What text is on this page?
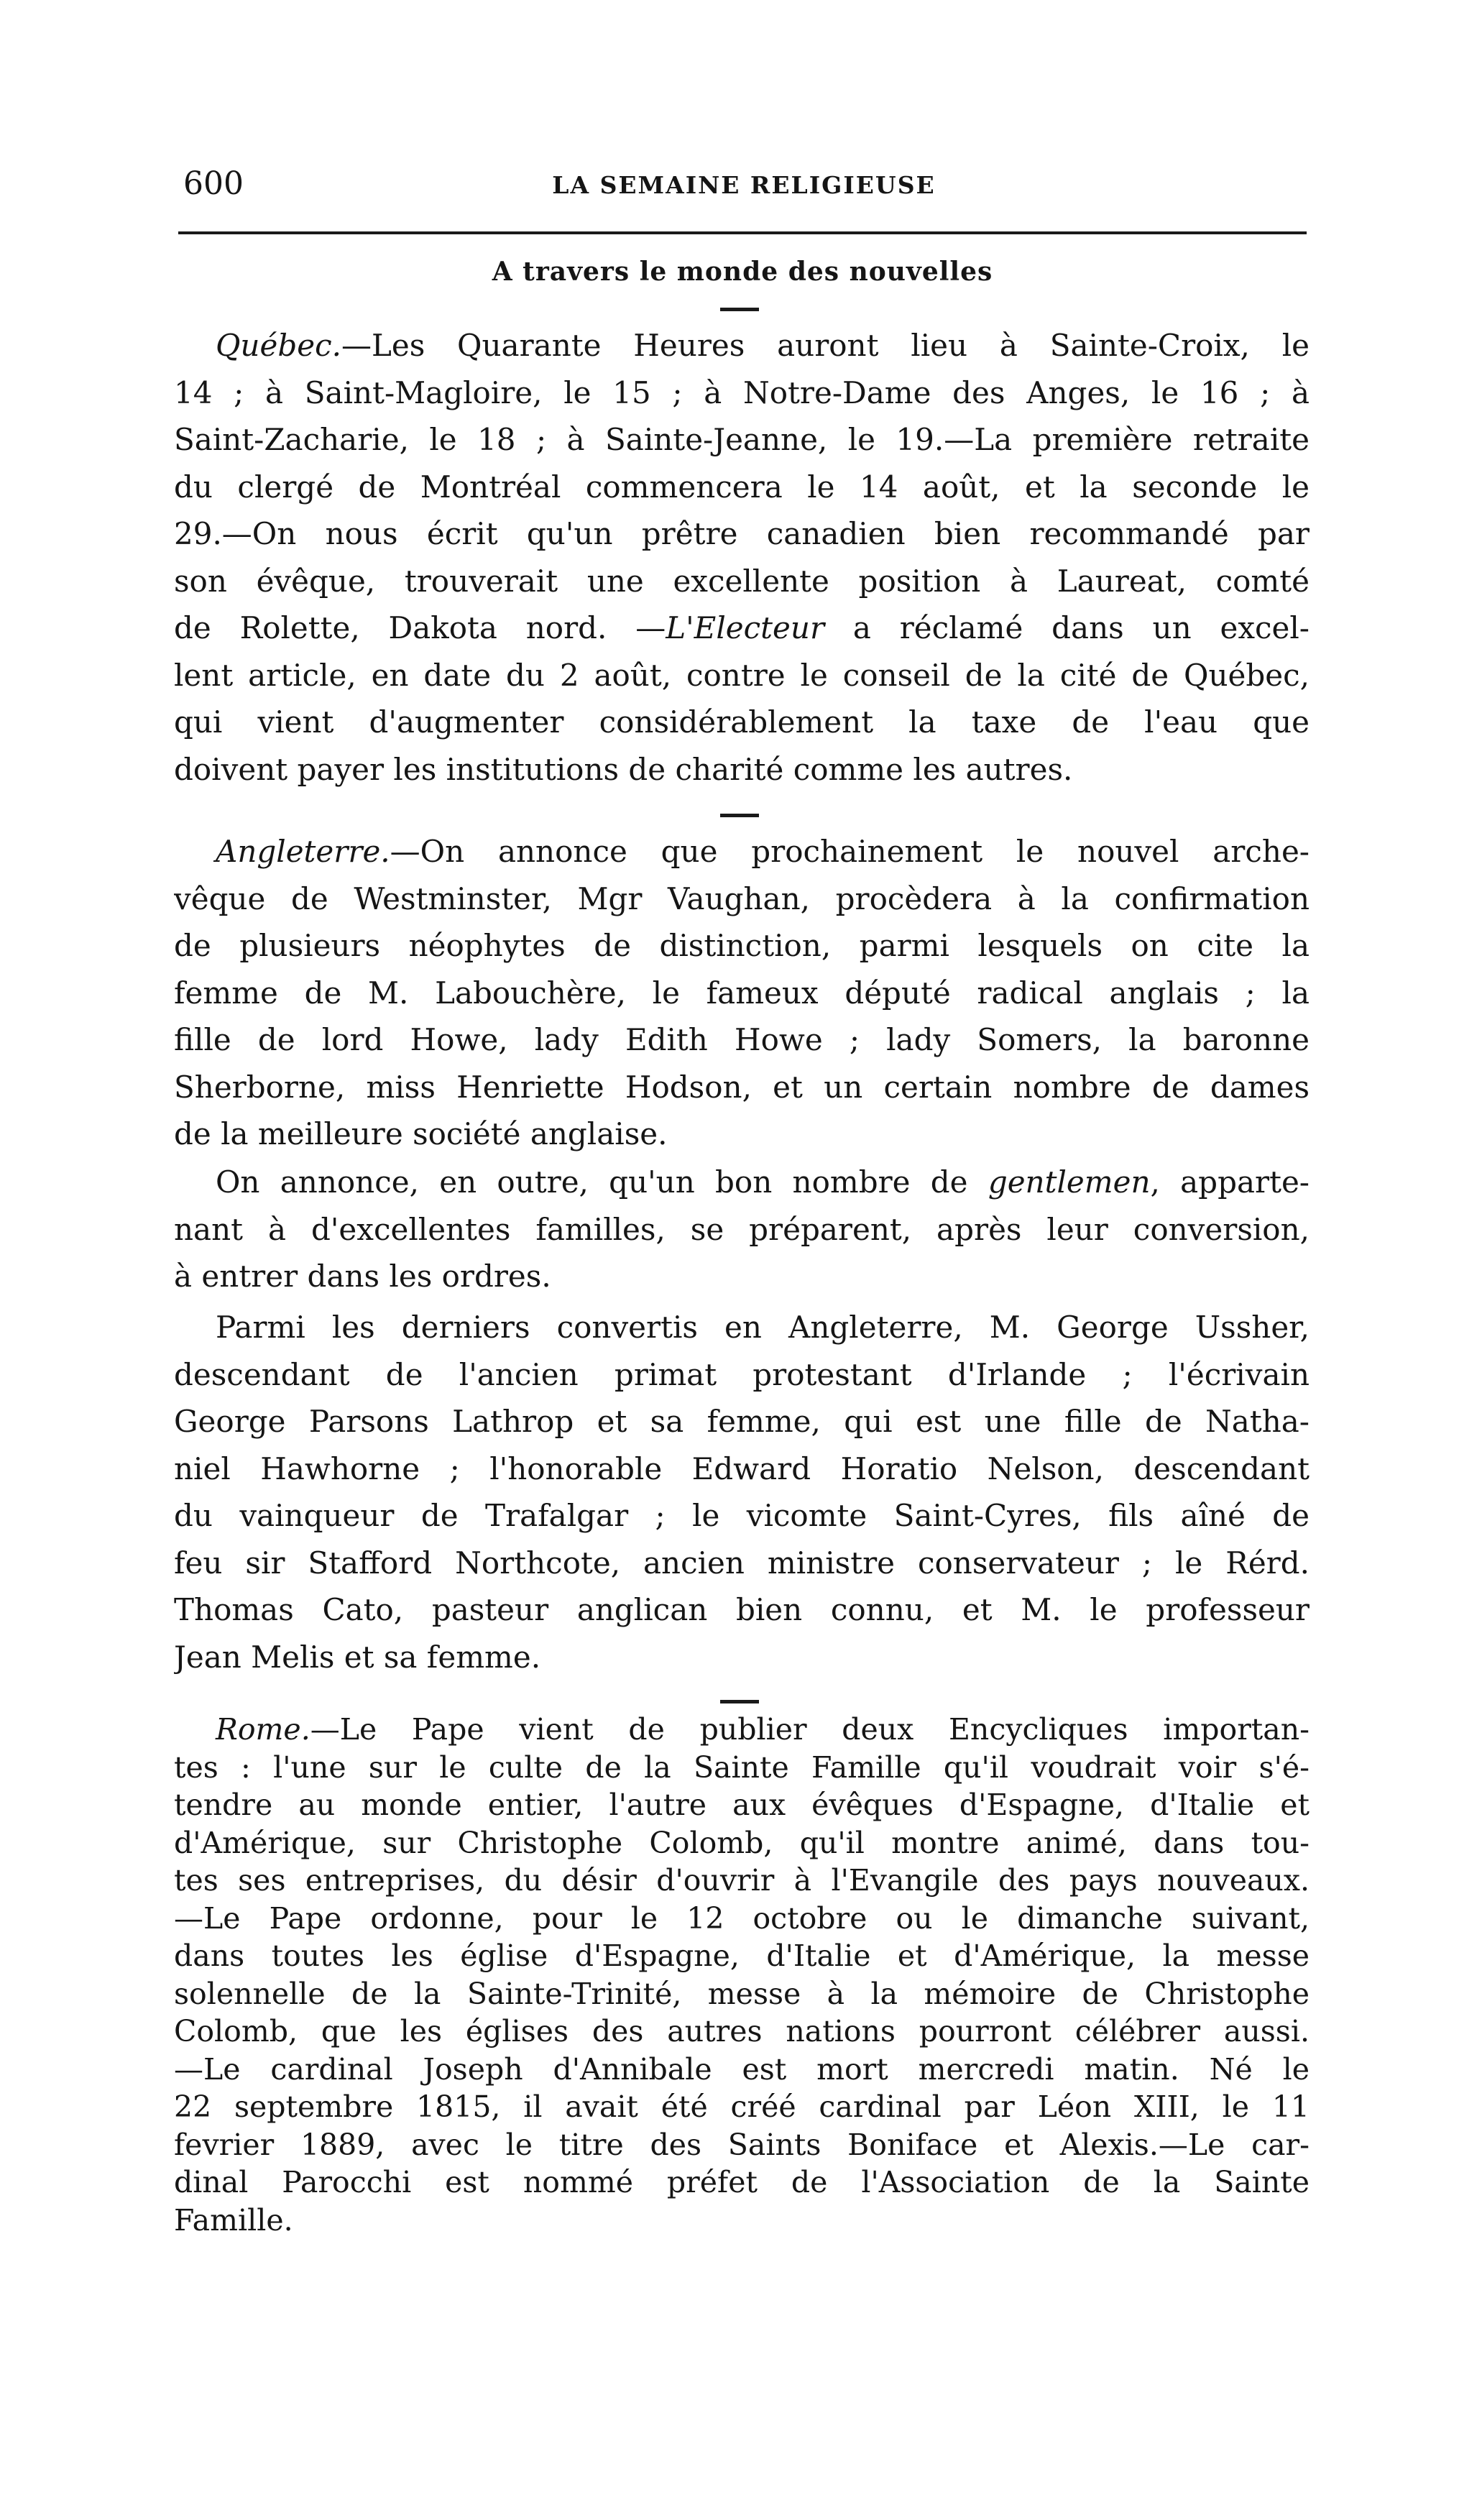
600	LA SEMAINE RELIGIEUSE
A travers le monde des nouvelles
Québec.—Les Quarante Heures auront lieu à Sainte-Croix, le
14 ; à Saint-Magloire, le 15 ; à Notre-Dame des Anges, le 16 ; à
Saint-Zacharie, le 18 ; à Sainte-Jeanne, le 19.—La première retraite
du clergé de Montréal commencera le 14 août, et la seconde le
29.—On nous écrit qu'un prêtre canadien bien recommandé par
son évêque, trouverait une excellente position à Laureat, comté
de Rolette, Dakota nord. —L'Electeur a réclamé dans un excel-
lent article, en date du 2 août, contre le conseil de la cité de Québec,
qui vient d'augmenter considérablement la taxe de l'eau que
doivent payer les institutions de charité comme les autres.
Angleterre.—On annonce que prochainement le nouvel arche-
vêque de Westminster, Mgr Vaughan, procèdera à la confirmation
de plusieurs néophytes de distinction, parmi lesquels on cite la
femme de M. Labouchère, le fameux député radical anglais ; la
fille de lord Howe, lady Edith Howe ; lady Somers, la baronne
Sherborne, miss Henriette Hodson, et un certain nombre de dames
de la meilleure société anglaise.
On annonce, en outre, qu'un bon nombre de gentlemen, apparte-
nant à d'excellentes familles, se préparent, après leur conversion,
à entrer dans les ordres.
Parmi les derniers convertis en Angleterre, M. George Ussher,
descendant de l'ancien primat protestant d'Irlande ; l'écrivain
George Parsons Lathrop et sa femme, qui est une fille de Natha-
niel Hawhorne ; l'honorable Edward Horatio Nelson, descendant
du vainqueur de Trafalgar ; le vicomte Saint-Cyres, fils aîné de
feu sir Stafford Northcote, ancien ministre conservateur ; le Rérd.
Thomas Cato, pasteur anglican bien connu, et M. le professeur
Jean Melis et sa femme.
Rome.—Le Pape vient de publier deux Encycliques importan-
tes : l'une sur le culte de la Sainte Famille qu'il voudrait voir s'é-
tendre au monde entier, l'autre aux évêques d'Espagne, d'Italie et
d'Amérique, sur Christophe Colomb, qu'il montre animé, dans tou-
tes ses entreprises, du désir d'ouvrir à l'Evangile des pays nouveaux.
—Le Pape ordonne, pour le 12 octobre ou le dimanche suivant,
dans toutes les église d'Espagne, d'Italie et d'Amérique, la messe
solennelle de la Sainte-Trinité, messe à la mémoire de Christophe
Colomb, que les églises des autres nations pourront célébrer aussi.
—Le cardinal Joseph d'Annibale est mort mercredi matin. Né le
22 septembre 1815, il avait été créé cardinal par Léon XIII, le 11
fevrier 1889, avec le titre des Saints Boniface et Alexis.—Le car-
dinal Parocchi est nommé préfet de l'Association de la Sainte
Famille.
